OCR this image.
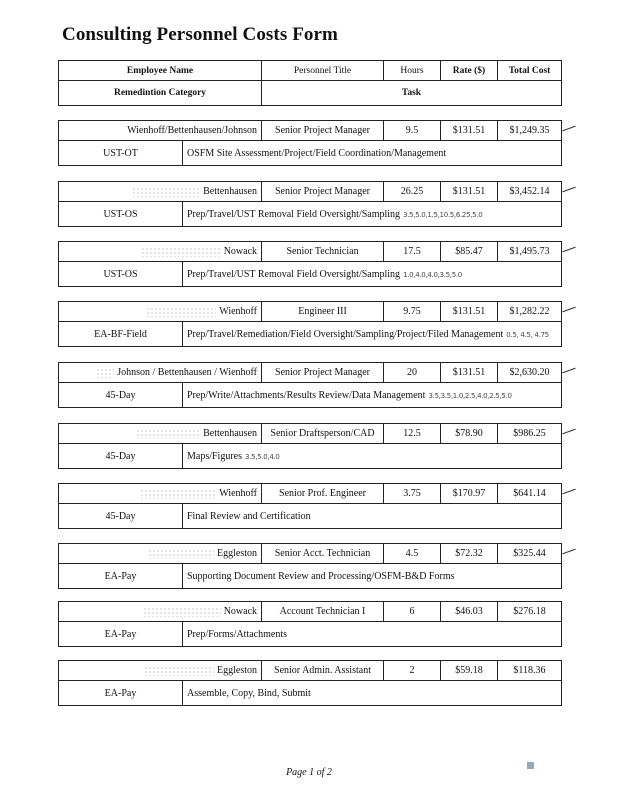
Consulting Personnel Costs Form
Employee Name	Personnel Title	Hours	Rate ($)	Total Cost
Remedintion Category	Task			
Wienhoff/Bettenhausen/Johnson		Senior Project Manager	9.5	$131.51	$1,249.35
UST-OT	OSFM Site Assessment/Project/Field Coordination/Management				
Bettenhausen		Senior Project Manager	26.25	$131.51	$3,452.14
UST-OS	Prep/Travel/UST Removal Field Oversight/Sampling 3.5,5.0,1.5,10.5,6.25,5.0				
Nowack		Senior Technician	17.5	$85.47	$1,495.73
UST-OS	Prep/Travel/UST Removal Field Oversight/Sampling 1.0,4.0,4.0,3.5,5.0				
Wienhoff		Engineer III	9.75	$131.51	$1,282.22
EA-BF-Field	Prep/Travel/Remediation/Field Oversight/Sampling/Project/Filed Management 0.5, 4.5, 4.75				
Johnson / Bettenhausen / Wienhoff		Senior Project Manager	20	$131.51	$2,630.20
45-Day	Prep/Write/Attachments/Results Review/Data Management 3.5,3.5,1.0,2.5,4.0,2.5,5.0				
Bettenhausen		Senior Draftsperson/CAD	12.5	$78.90	$986.25
45-Day	Maps/Figures 3.5,5.0,4.0				
Wienhoff		Senior Prof. Engineer	3.75	$170.97	$641.14
45-Day	Final Review and Certification				
Eggleston		Senior Acct. Technician	4.5	$72.32	$325.44
EA-Pay	Supporting Document Review and Processing/OSFM-B&D Forms				
Nowack		Account Technician I	6	$46.03	$276.18
EA-Pay	Prep/Forms/Attachments				
Eggleston		Senior Admin. Assistant	2	$59.18	$118.36
EA-Pay	Assemble, Copy, Bind, Submit				
Page 1 of 2
